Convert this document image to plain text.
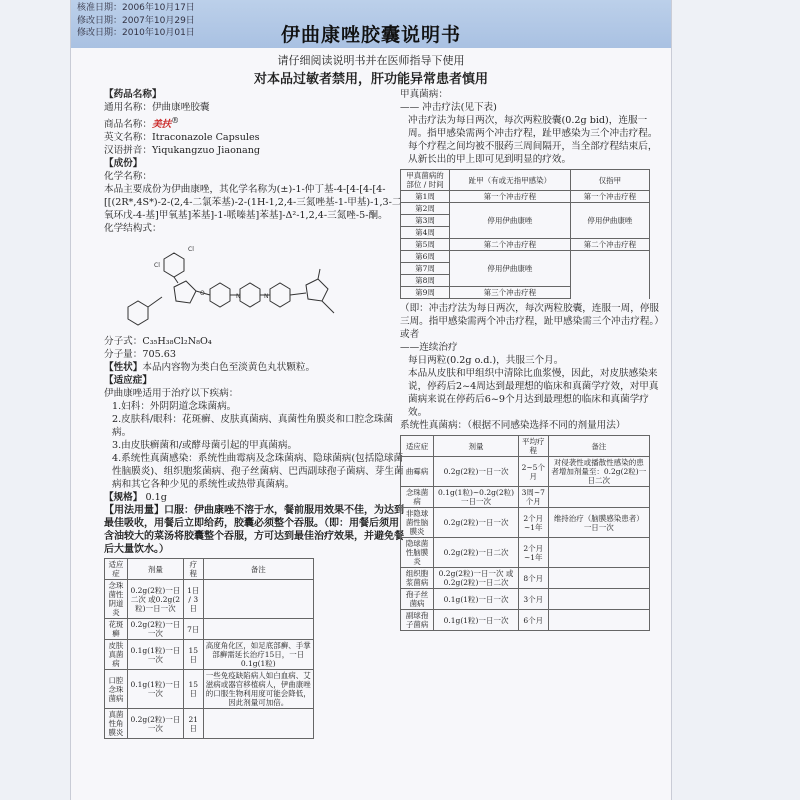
核准日期：2006年10月17日
修改日期：2007年10月29日
修改日期：2010年10月01日	伊曲康唑胶囊说明书
请仔细阅读说明书并在医师指导下使用
对本品过敏者禁用，肝功能异常患者慎用
【药品名称】
通用名称：伊曲康唑胶囊
商品名称：美扶®
英文名称：Itraconazole Capsules
汉语拼音：Yiqukangzuo Jiaonang
【成份】
化学名称：
本品主要成份为伊曲康唑，其化学名称为(±)-1-仲丁基-4-[4-[4-[4-[[(2R*,4S*)-2-(2,4-二氯苯基)-2-(1H-1,2,4-三氮唑基-1-甲基)-1,3-二氧环戊-4-基]甲氧基]苯基]-1-哌嗪基]苯基]-Δ²-1,2,4-三氮唑-5-酮。
化学结构式：
Cl
Cl
N	N
O
分子式：C₃₅H₃₈Cl₂N₈O₄
分子量：705.63
【性状】本品内容物为类白色至淡黄色丸状颗粒。
【适应症】
伊曲康唑适用于治疗以下疾病：
1.妇科：外阴阴道念珠菌病。
2.皮肤科/眼科：花斑癣、皮肤真菌病、真菌性角膜炎和口腔念珠菌病。
3.由皮肤癣菌和/或酵母菌引起的甲真菌病。
4.系统性真菌感染：系统性曲霉病及念珠菌病、隐球菌病(包括隐球菌性脑膜炎)、组织胞浆菌病、孢子丝菌病、巴西副球孢子菌病、芽生菌病和其它各种少见的系统性或热带真菌病。
【规格】 0.1g
【用法用量】口服：伊曲康唑不溶于水，餐前服用效果不佳，为达到最佳吸收，用餐后立即给药，胶囊必须整个吞服。（即：用餐后须用含油较大的菜汤将胶囊整个吞服，方可达到最佳治疗效果，并避免餐后大量饮水。）
适应症	剂量	疗程	备注
念珠菌性阴道炎	0.2g(2粒)一日二次 或0.2g(2粒)一日一次	1日 / 3日	
花斑癣	0.2g(2粒)一日一次	7日	
皮肤真菌病	0.1g(1粒)一日一次	15日	高度角化区，如足底部癣、手掌部癣需延长治疗15日，一日0.1g(1粒)
口腔念珠菌病	0.1g(1粒)一日一次	15日	一些免疫缺陷病人如白血病、艾滋病或器官移植病人，伊曲康唑的口服生物利用度可能会降低，因此剂量可加倍。
真菌性角膜炎	0.2g(2粒)一日一次	21日	
甲真菌病：
—— 冲击疗法(见下表)
冲击疗法为每日两次，每次两粒胶囊(0.2g bid)，连服一周。指甲感染需两个冲击疗程，趾甲感染为三个冲击疗程。每个疗程之间均被不服药三周间隔开，当全部疗程结束后，从新长出的甲上即可见到明显的疗效。
甲真菌病的部位 / 时间	趾甲（有或无指甲感染）	仅指甲
第1周	第一个冲击疗程	第一个冲击疗程
第2周	停用伊曲康唑	停用伊曲康唑
第3周		
第4周		
第5周	第二个冲击疗程	第二个冲击疗程
第6周	停用伊曲康唑	
第7周		
第8周		
第9周	第三个冲击疗程	
（即：冲击疗法为每日两次，每次两粒胶囊，连服一周，停服三周。指甲感染需两个冲击疗程，趾甲感染需三个冲击疗程。）
或者
——连续治疗
每日两粒(0.2g o.d.)，共服三个月。
本品从皮肤和甲组织中清除比血浆慢，因此，对皮肤感染来说，停药后2~4周达到最理想的临床和真菌学疗效，对甲真菌病来说在停药后6~9个月达到最理想的临床和真菌学疗效。
系统性真菌病：（根据不同感染选择不同的剂量用法）
适应症	剂量	平均疗程	备注
曲霉病	0.2g(2粒)一日一次	2~5个月	对侵袭性或播散性感染的患者增加剂量至：0.2g(2粒)一日二次
念珠菌病	0.1g(1粒)~0.2g(2粒)一日一次	3周~7个月	
非隐球菌性脑膜炎	0.2g(2粒)一日一次	2个月~1年	维持治疗（脑膜感染患者）一日一次
隐球菌性脑膜炎	0.2g(2粒)一日二次	2个月~1年	
组织胞浆菌病	0.2g(2粒)一日一次 或0.2g(2粒)一日二次	8个月	
孢子丝菌病	0.1g(1粒)一日一次	3个月	
副球孢子菌病	0.1g(1粒)一日一次	6个月	
